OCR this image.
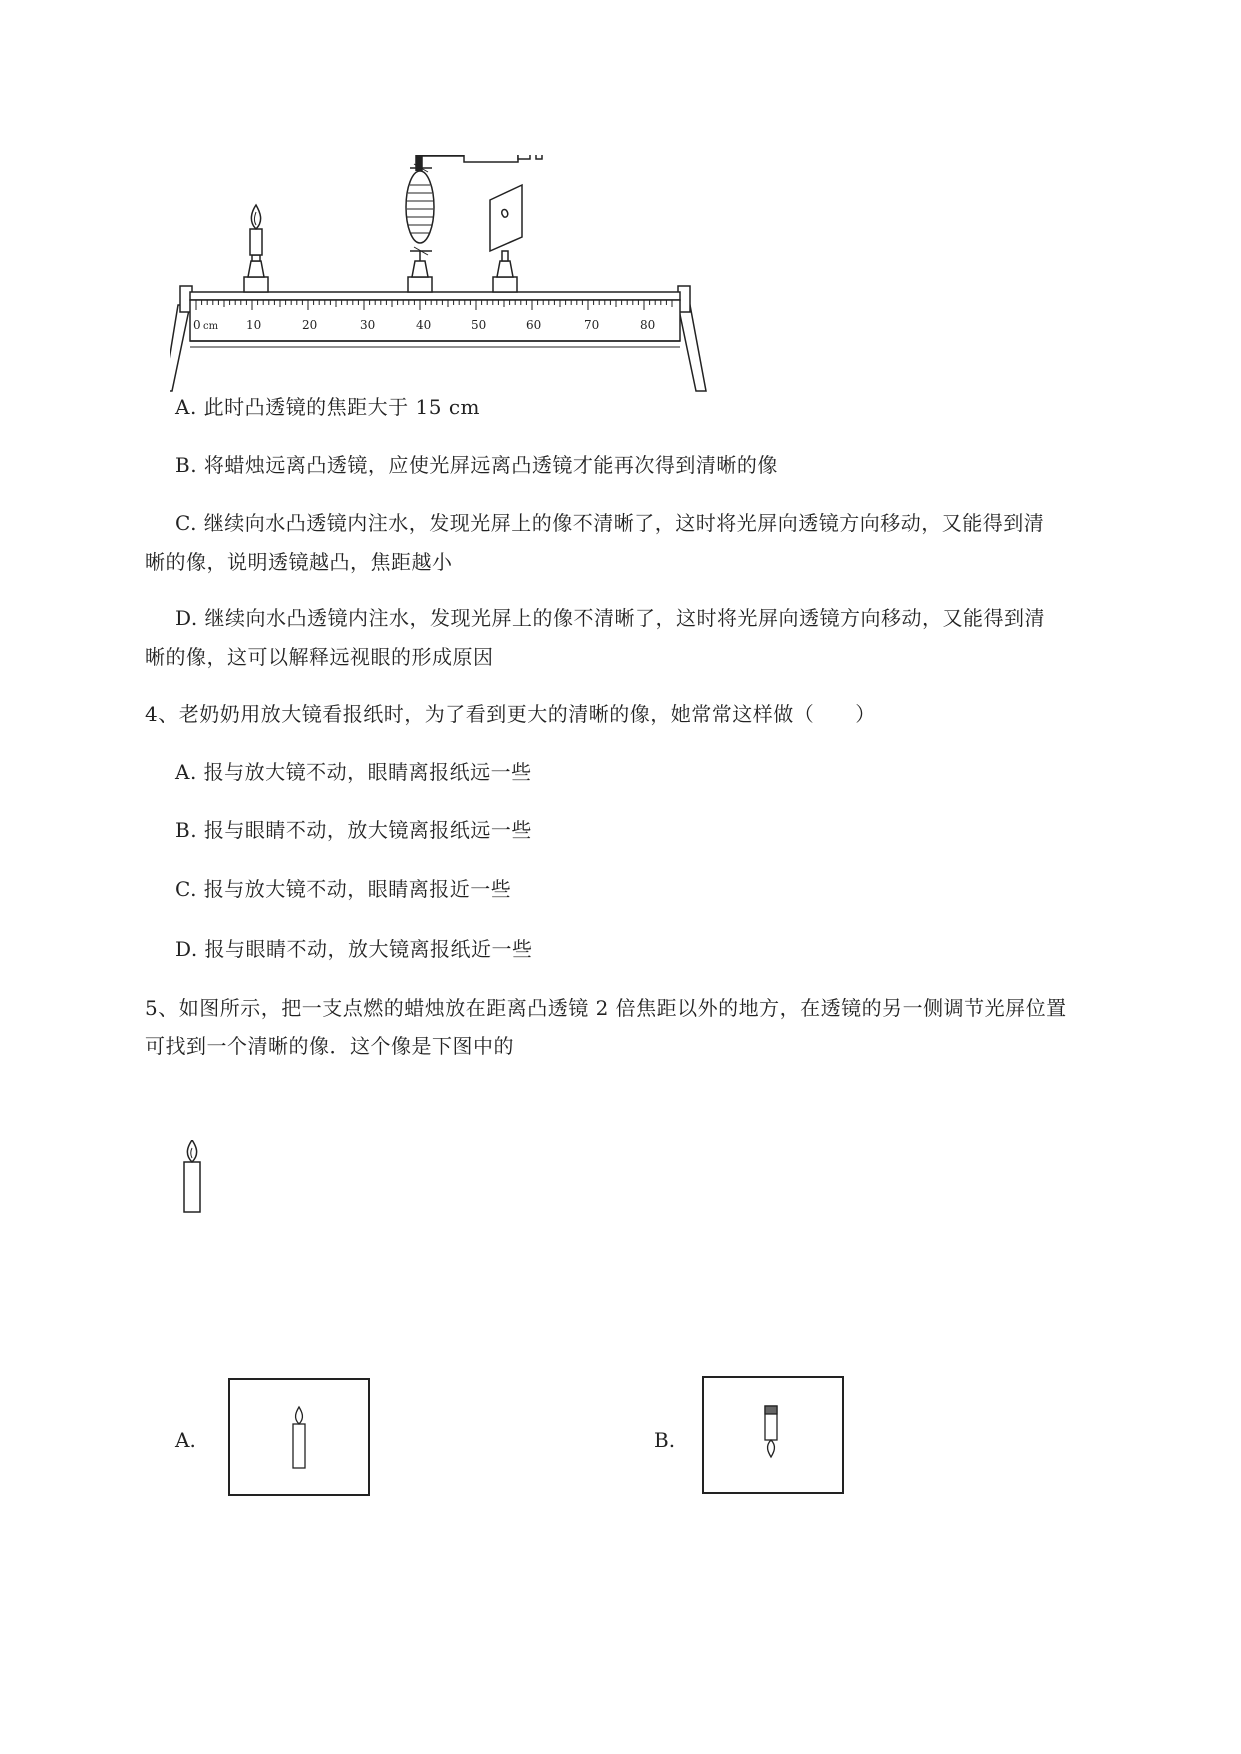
0 cm 10	20	30	40	50	60	70	80
A. 此时凸透镜的焦距大于 15 cm
B. 将蜡烛远离凸透镜，应使光屏远离凸透镜才能再次得到清晰的像
C. 继续向水凸透镜内注水，发现光屏上的像不清晰了，这时将光屏向透镜方向移动，又能得到清
晰的像，说明透镜越凸，焦距越小
D. 继续向水凸透镜内注水，发现光屏上的像不清晰了，这时将光屏向透镜方向移动，又能得到清
晰的像，这可以解释远视眼的形成原因
4、老奶奶用放大镜看报纸时，为了看到更大的清晰的像，她常常这样做（　　）
A. 报与放大镜不动，眼睛离报纸远一些
B. 报与眼睛不动，放大镜离报纸远一些
C. 报与放大镜不动，眼睛离报近一些
D. 报与眼睛不动，放大镜离报纸近一些
5、如图所示，把一支点燃的蜡烛放在距离凸透镜 2 倍焦距以外的地方，在透镜的另一侧调节光屏位置
可找到一个清晰的像．这个像是下图中的
A.	B.
